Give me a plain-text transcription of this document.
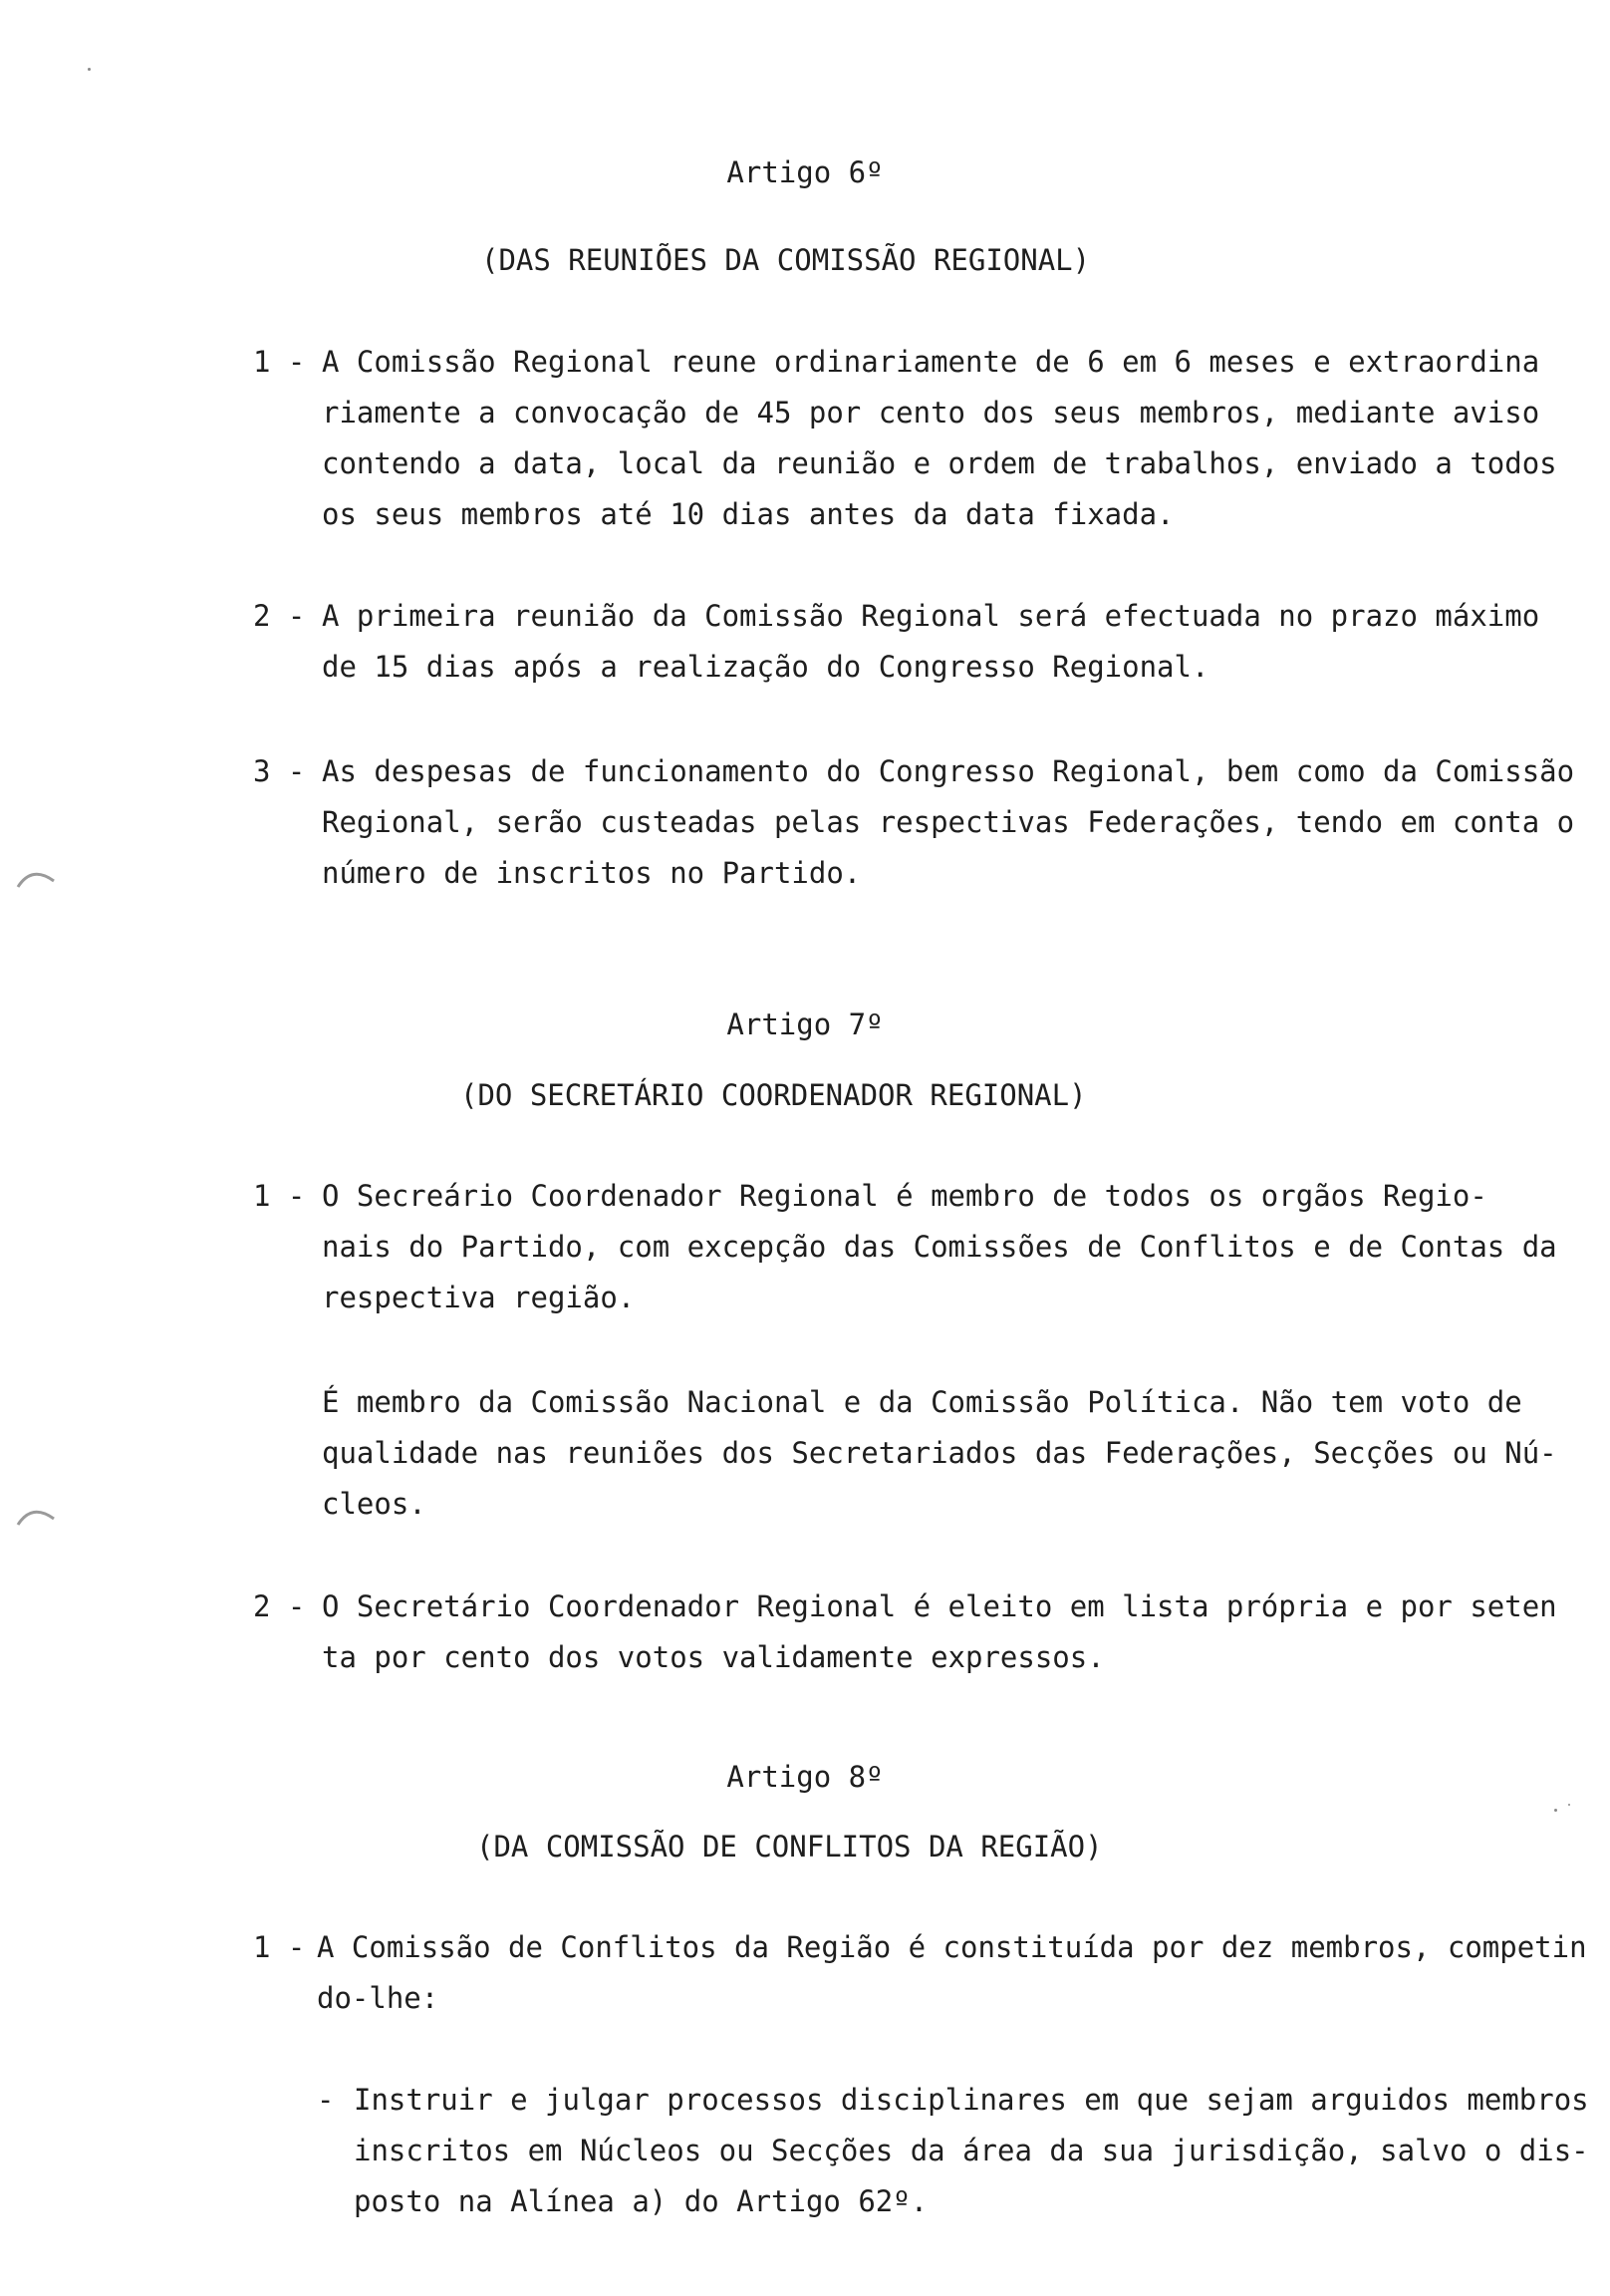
Artigo 6º
(DAS REUNIÕES DA COMISSÃO REGIONAL)
1 - A Comissão Regional reune ordinariamente de 6 em 6 meses e extraordina
riamente a convocação de 45 por cento dos seus membros, mediante aviso
contendo a data, local da reunião e ordem de trabalhos, enviado a todos
os seus membros até 10 dias antes da data fixada.
2 - A primeira reunião da Comissão Regional será efectuada no prazo máximo
de 15 dias após a realização do Congresso Regional.
3 - As despesas de funcionamento do Congresso Regional, bem como da Comissão
Regional, serão custeadas pelas respectivas Federações, tendo em conta o
número de inscritos no Partido.
Artigo 7º
(DO SECRETÁRIO COORDENADOR REGIONAL)
1 - O Secreário Coordenador Regional é membro de todos os orgãos Regio-
nais do Partido, com excepção das Comissões de Conflitos e de Contas da
respectiva região.
É membro da Comissão Nacional e da Comissão Política. Não tem voto de
qualidade nas reuniões dos Secretariados das Federações, Secções ou Nú-
cleos.
2 - O Secretário Coordenador Regional é eleito em lista própria e por seten
ta por cento dos votos validamente expressos.
Artigo 8º
(DA COMISSÃO DE CONFLITOS DA REGIÃO)
1 - A Comissão de Conflitos da Região é constituída por dez membros, competin
do-lhe:
- Instruir e julgar processos disciplinares em que sejam arguidos membros
inscritos em Núcleos ou Secções da área da sua jurisdição, salvo o dis-
posto na Alínea a) do Artigo 62º.
